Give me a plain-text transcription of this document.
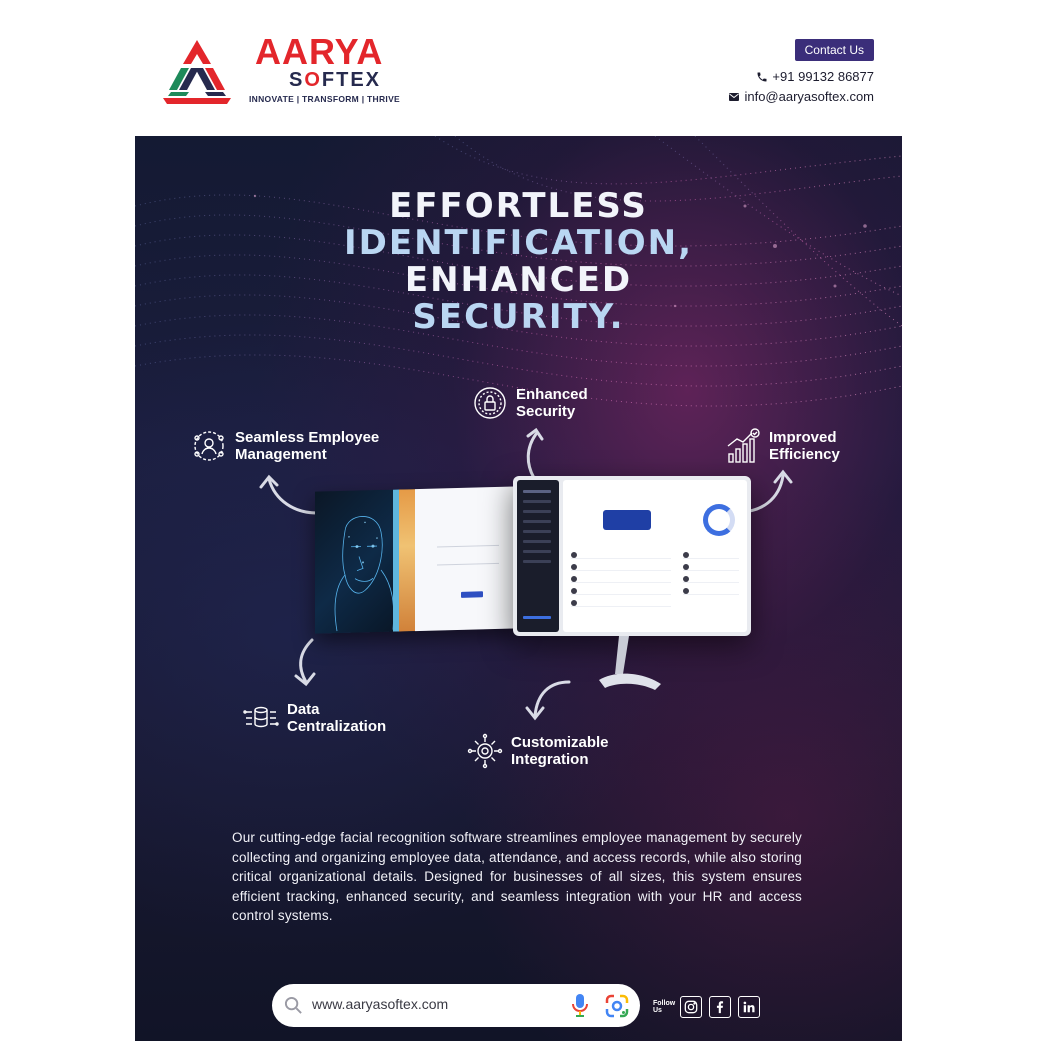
AARYA
SOFTEX
INNOVATE | TRANSFORM | THRIVE
Contact Us
+91 99132 86877
info@aaryasoftex.com
EFFORTLESS
IDENTIFICATION,
ENHANCED
SECURITY.
Enhanced
Security
Seamless Employee
Management
Improved
Efficiency
Data
Centralization
Customizable
Integration
Our cutting-edge facial recognition software streamlines employee management by securely collecting and organizing employee data, attendance, and access records, while also storing critical organizational details. Designed for businesses of all sizes, this system ensures efficient tracking, enhanced security, and seamless integration with your HR and access control systems.
www.aaryasoftex.com	Follow
Us
